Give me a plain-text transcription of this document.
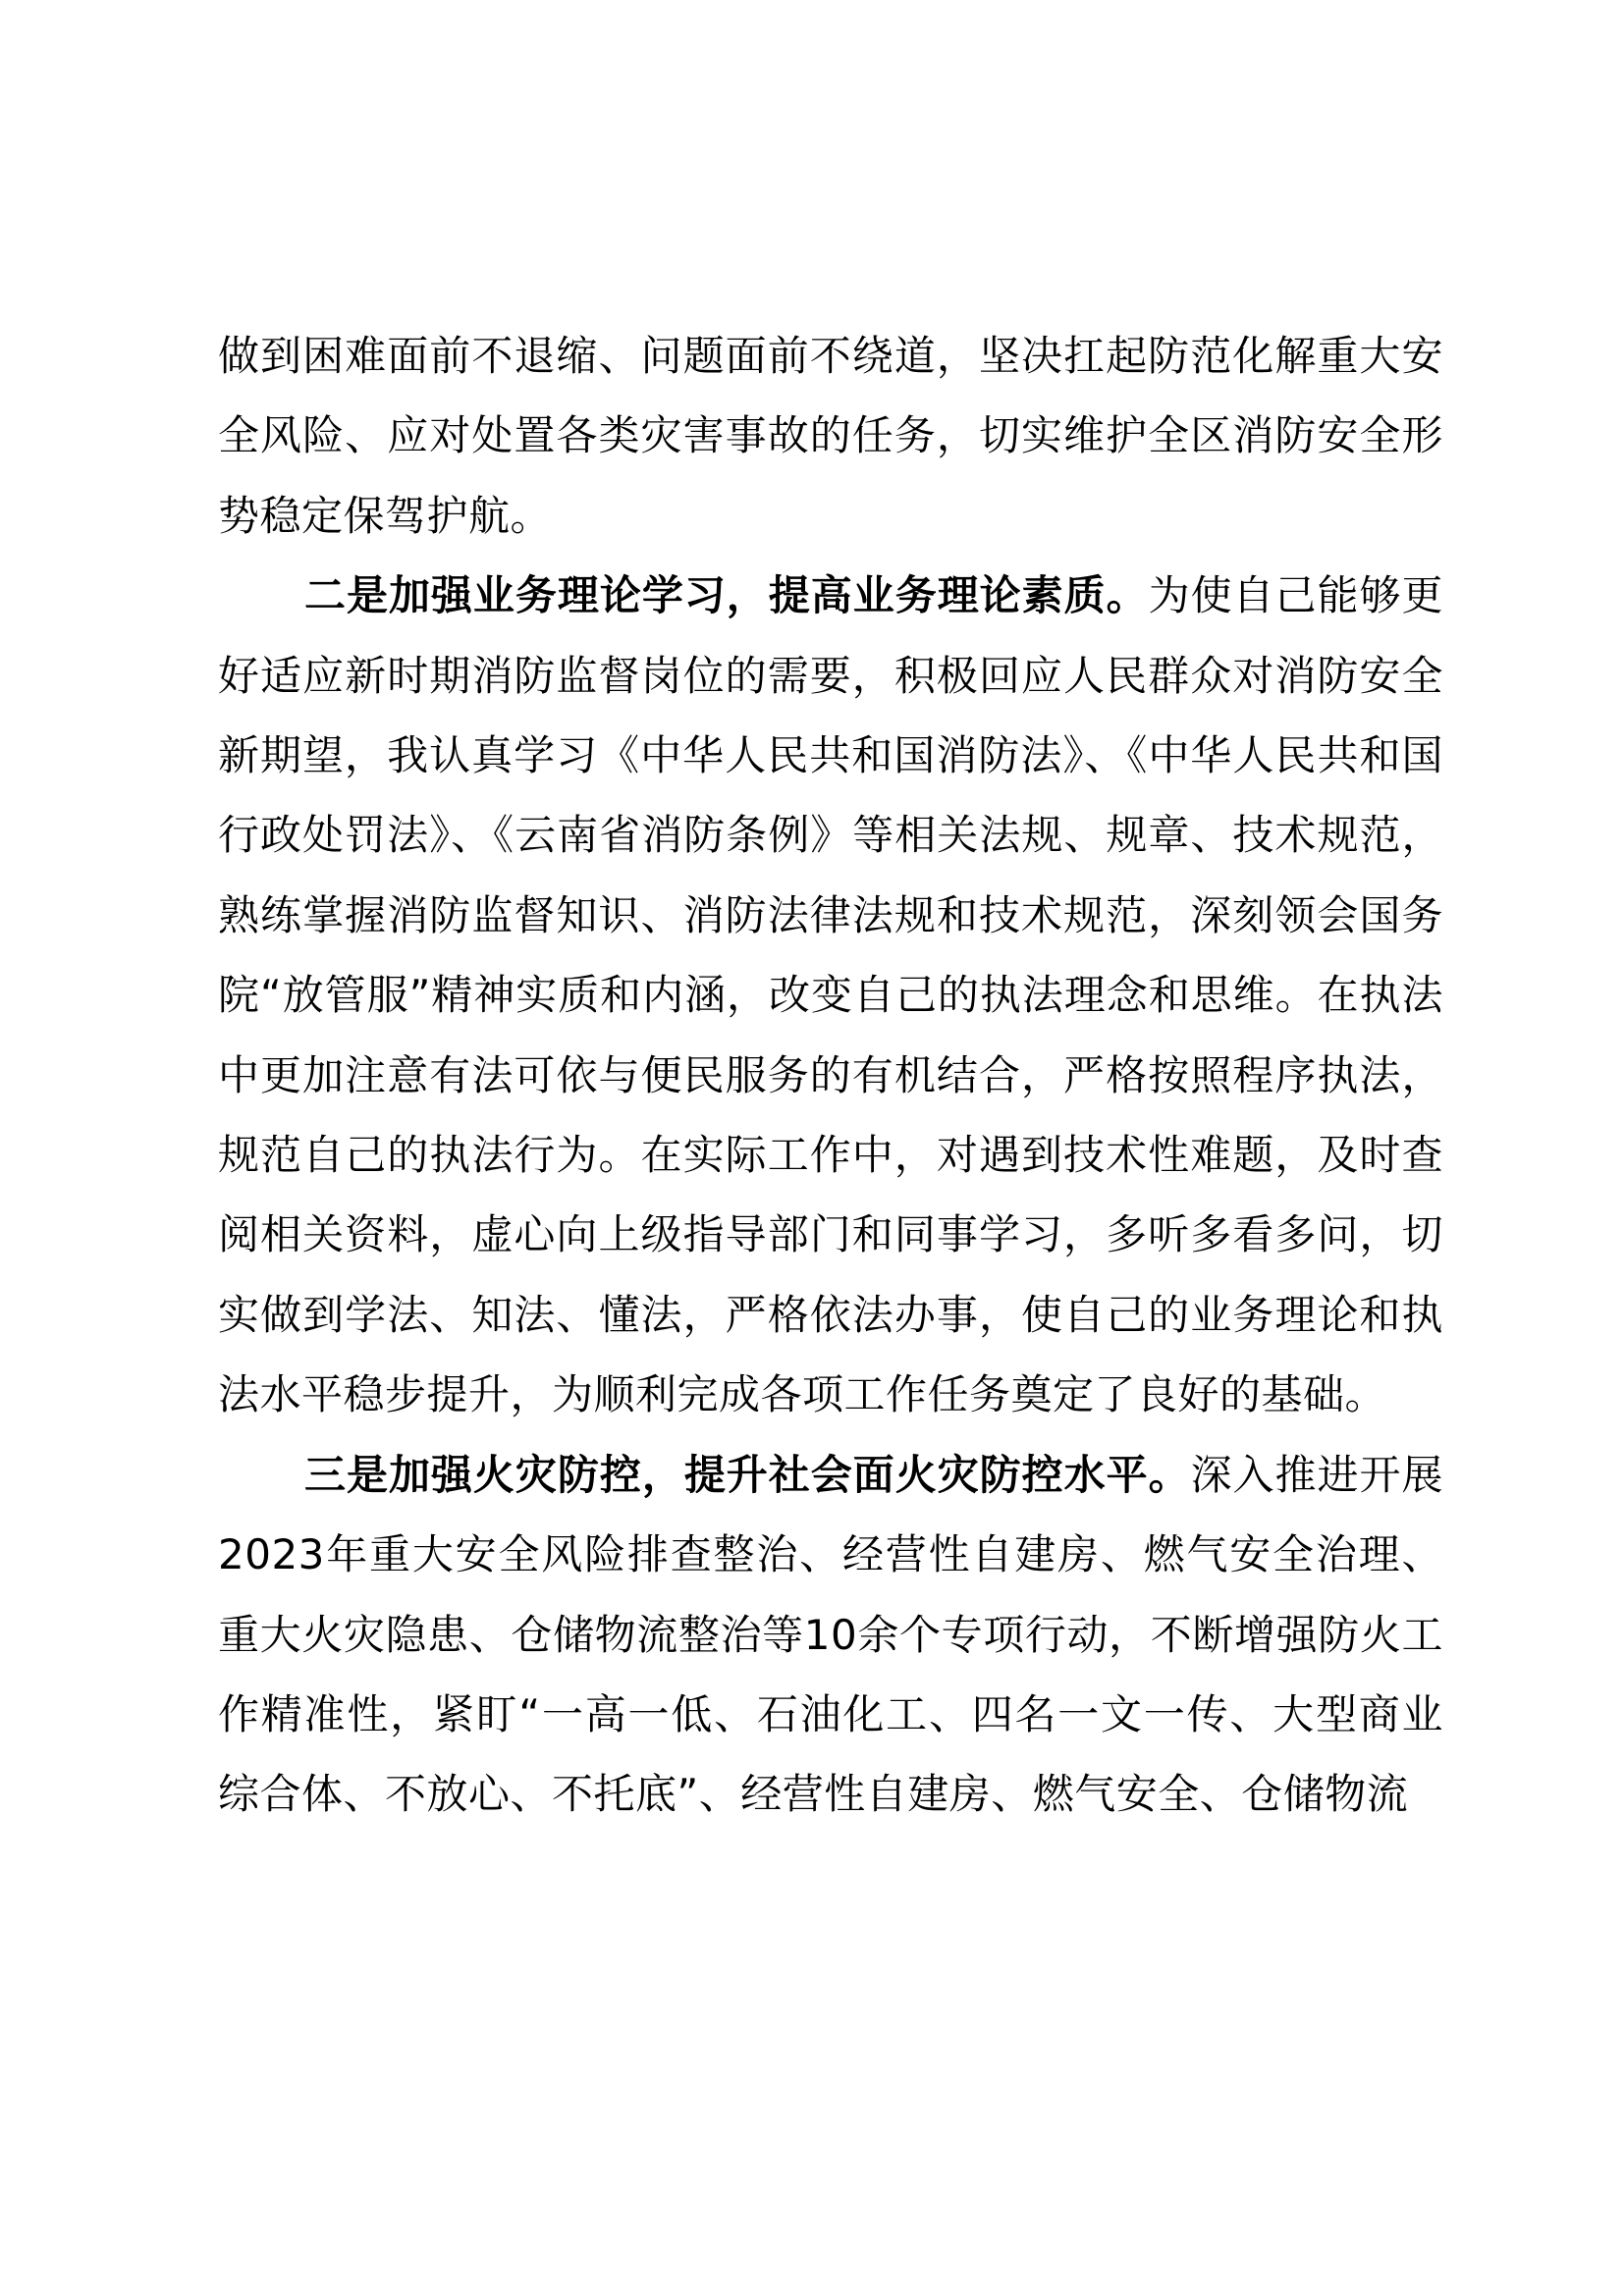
做到困难面前不退缩、问题面前不绕道，坚决扛起防范化解重大安全风险、应对处置各类灾害事故的任务，切实维护全区消防安全形势稳定保驾护航。

二是加强业务理论学习，提高业务理论素质。为使自己能够更好适应新时期消防监督岗位的需要，积极回应人民群众对消防安全新期望，我认真学习《中华人民共和国消防法》、《中华人民共和国行政处罚法》、《云南省消防条例》等相关法规、规章、技术规范，熟练掌握消防监督知识、消防法律法规和技术规范，深刻领会国务院“放管服”精神实质和内涵，改变自己的执法理念和思维。在执法中更加注意有法可依与便民服务的有机结合，严格按照程序执法，规范自己的执法行为。在实际工作中，对遇到技术性难题，及时查阅相关资料，虚心向上级指导部门和同事学习，多听多看多问，切实做到学法、知法、懂法，严格依法办事，使自己的业务理论和执法水平稳步提升，为顺利完成各项工作任务奠定了良好的基础。

三是加强火灾防控，提升社会面火灾防控水平。深入推进开展2023年重大安全风险排查整治、经营性自建房、燃气安全治理、重大火灾隐患、仓储物流整治等10余个专项行动，不断增强防火工作精准性，紧盯“一高一低、石油化工、四名一文一传、大型商业综合体、不放心、不托底”、经营性自建房、燃气安全、仓储物流
